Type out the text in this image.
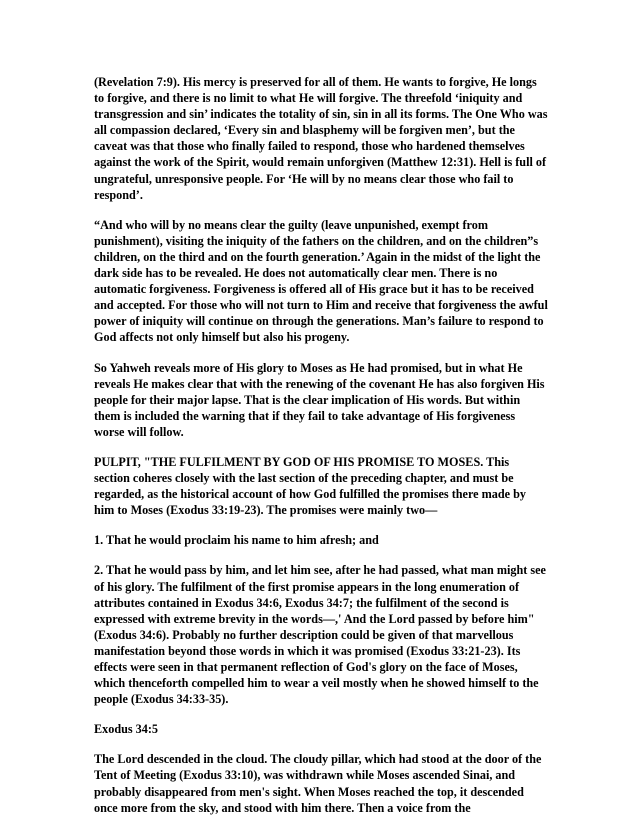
(Revelation 7:9). His mercy is preserved for all of them. He wants to forgive, He longs to forgive, and there is no limit to what He will forgive. The threefold ‘iniquity and transgression and sin’ indicates the totality of sin, sin in all its forms. The One Who was all compassion declared, ‘Every sin and blasphemy will be forgiven men’, but the caveat was that those who finally failed to respond, those who hardened themselves against the work of the Spirit, would remain unforgiven (Matthew 12:31). Hell is full of ungrateful, unresponsive people. For ‘He will by no means clear those who fail to respond’.

“And who will by no means clear the guilty (leave unpunished, exempt from punishment), visiting the iniquity of the fathers on the children, and on the children”s children, on the third and on the fourth generation.’ Again in the midst of the light the dark side has to be revealed. He does not automatically clear men. There is no automatic forgiveness. Forgiveness is offered all of His grace but it has to be received and accepted. For those who will not turn to Him and receive that forgiveness the awful power of iniquity will continue on through the generations. Man’s failure to respond to God affects not only himself but also his progeny.

So Yahweh reveals more of His glory to Moses as He had promised, but in what He reveals He makes clear that with the renewing of the covenant He has also forgiven His people for their major lapse. That is the clear implication of His words. But within them is included the warning that if they fail to take advantage of His forgiveness worse will follow.

PULPIT, "THE FULFILMENT BY GOD OF HIS PROMISE TO MOSES. This section coheres closely with the last section of the preceding chapter, and must be regarded, as the historical account of how God fulfilled the promises there made by him to Moses (Exodus 33:19-23). The promises were mainly two—

1. That he would proclaim his name to him afresh; and

2. That he would pass by him, and let him see, after he had passed, what man might see of his glory. The fulfilment of the first promise appears in the long enumeration of attributes contained in Exodus 34:6, Exodus 34:7; the fulfilment of the second is expressed with extreme brevity in the words—,' And the Lord passed by before him" (Exodus 34:6). Probably no further description could be given of that marvellous manifestation beyond those words in which it was promised (Exodus 33:21-23). Its effects were seen in that permanent reflection of God's glory on the face of Moses, which thenceforth compelled him to wear a veil mostly when he showed himself to the people (Exodus 34:33-35).

Exodus 34:5

The Lord descended in the cloud. The cloudy pillar, which had stood at the door of the Tent of Meeting (Exodus 33:10), was withdrawn while Moses ascended Sinai, and probably disappeared from men's sight. When Moses reached the top, it descended once more from the sky, and stood with him there. Then a voice from the
